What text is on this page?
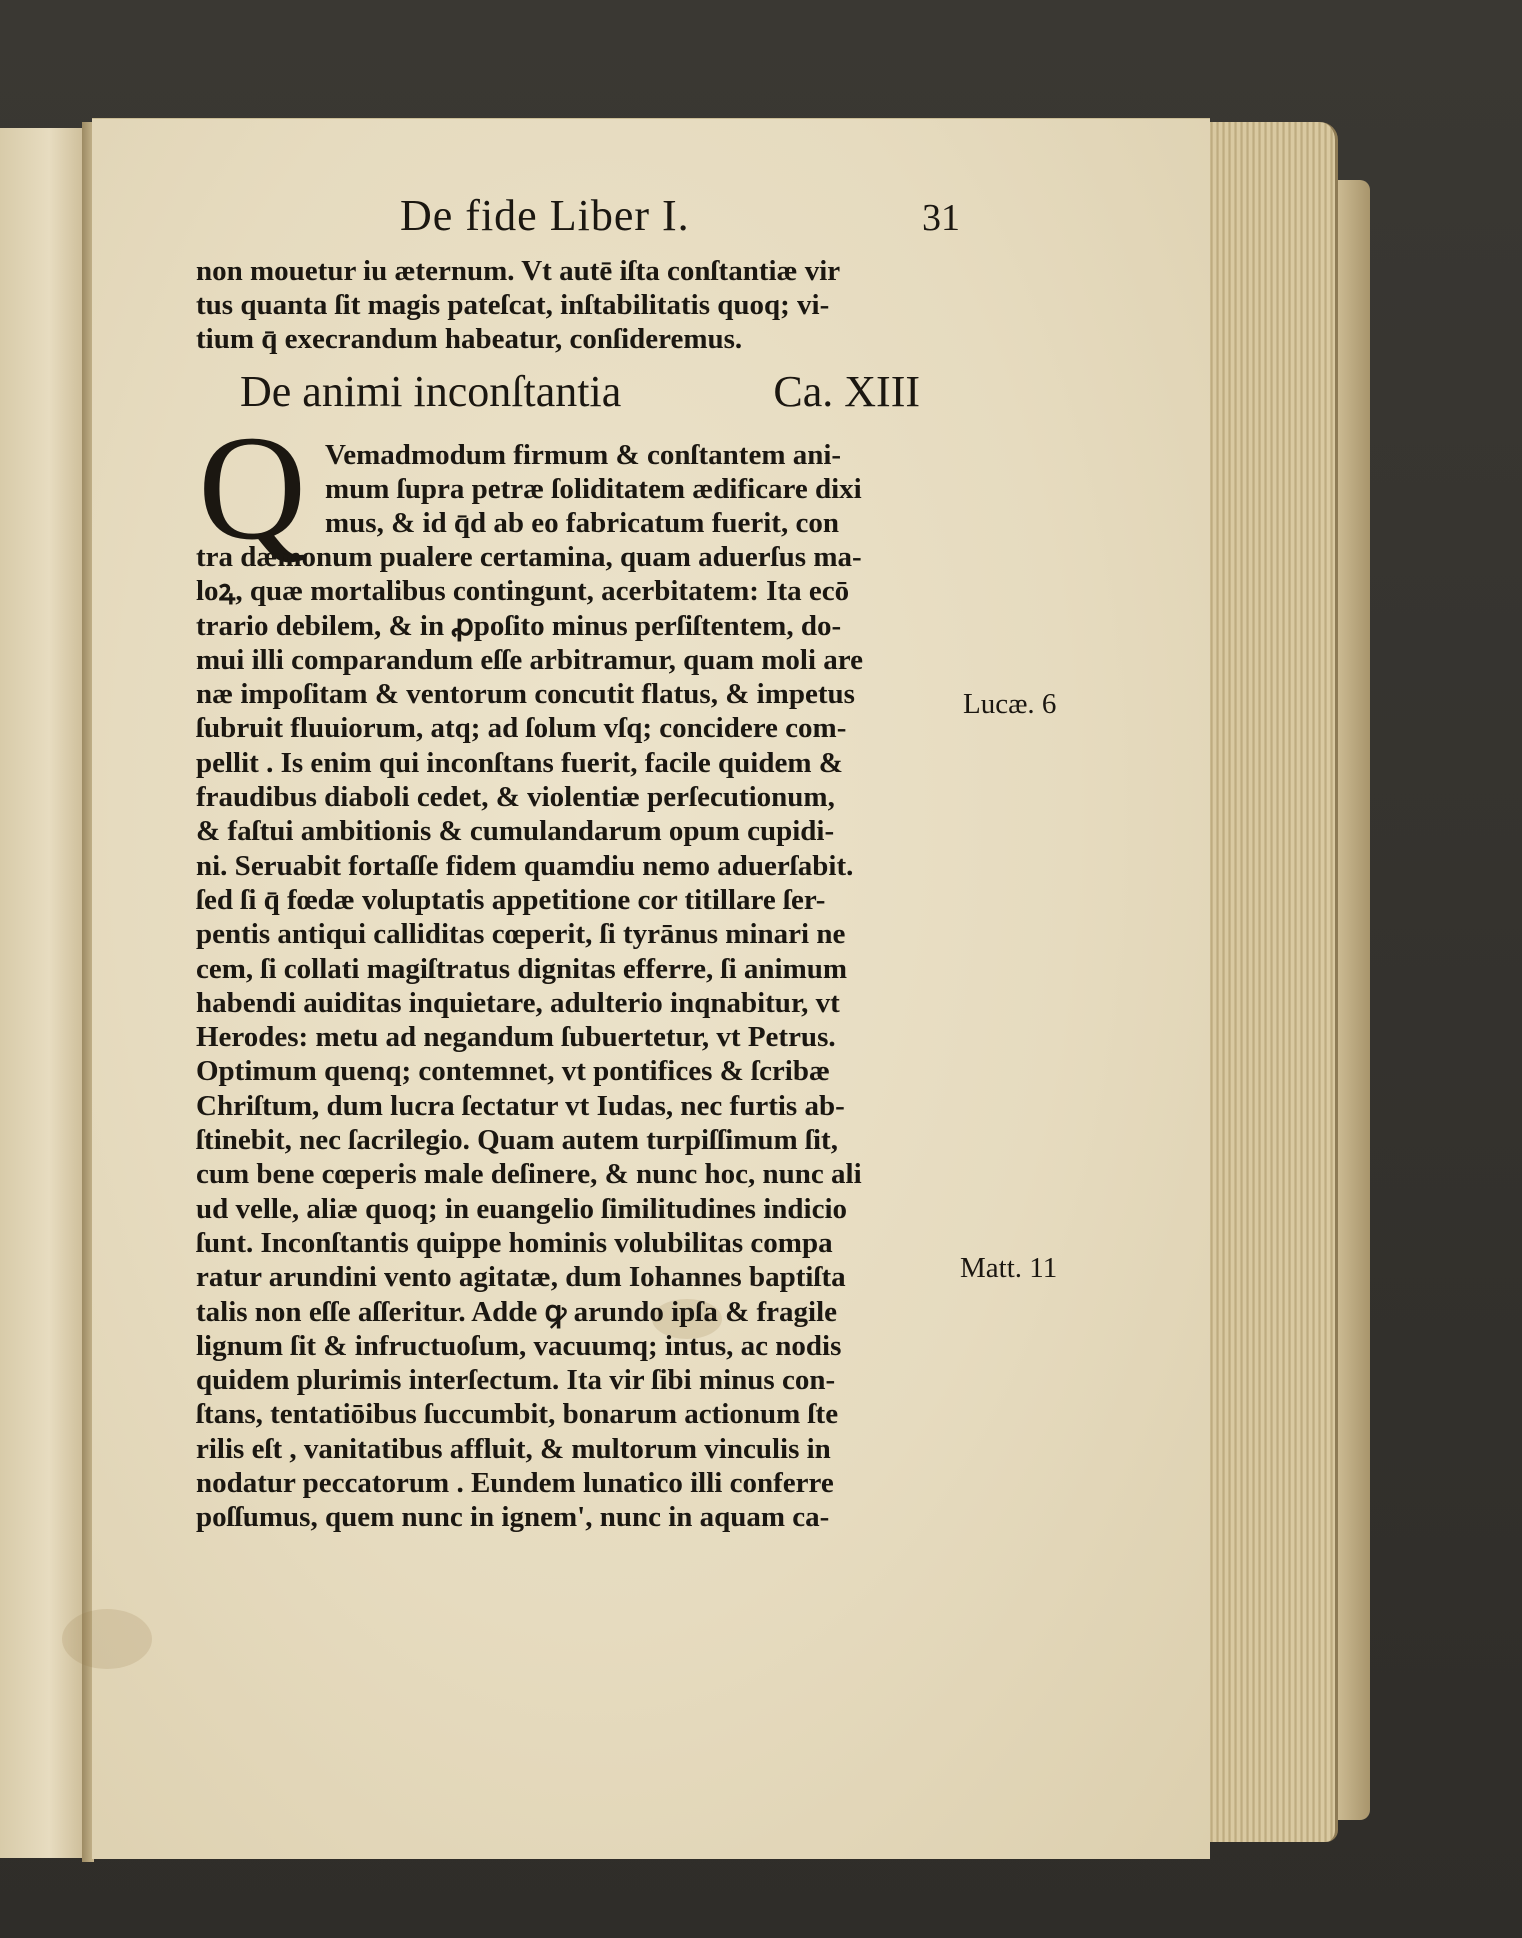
De fide Liber I.	31
non mouetur iu æternum. Vt autē iſta conſtantiæ vir
tus quanta ſit magis pateſcat, inſtabilitatis quoq; vi-
tium q̄ execrandum habeatur, conſideremus.
De animi inconſtantia	Ca. XIII
Q Vemadmodum firmum & conſtantem ani-
mum ſupra petræ ſoliditatem ædificare dixi
mus, & id q̄d ab eo fabricatum fuerit, con
tra dæmonum pualere certamina, quam aduerſus ma-
loꝝ, quæ mortalibus contingunt, acerbitatem: Ita ecō
trario debilem, & in ꝓpoſito minus perſiſtentem, do-
mui illi comparandum eſſe arbitramur, quam moli are
næ impoſitam & ventorum concutit flatus, & impetus
ſubruit fluuiorum, atq; ad ſolum vſq; concidere com-
pellit . Is enim qui inconſtans fuerit, facile quidem &
fraudibus diaboli cedet, & violentiæ perſecutionum,
& faſtui ambitionis & cumulandarum opum cupidi-
ni. Seruabit fortaſſe fidem quamdiu nemo aduerſabit.
ſed ſi q̄ fœdæ voluptatis appetitione cor titillare ſer-
pentis antiqui calliditas cœperit, ſi tyrānus minari ne
cem, ſi collati magiſtratus dignitas efferre, ſi animum
habendi auiditas inquietare, adulterio inqnabitur, vt
Herodes: metu ad negandum ſubuertetur, vt Petrus.
Optimum quenq; contemnet, vt pontifices & ſcribæ
Chriſtum, dum lucra ſectatur vt Iudas, nec furtis ab-
ſtinebit, nec ſacrilegio. Quam autem turpiſſimum ſit,
cum bene cœperis male deſinere, & nunc hoc, nunc ali
ud velle, aliæ quoq; in euangelio ſimilitudines indicio
ſunt. Inconſtantis quippe hominis volubilitas compa
ratur arundini vento agitatæ, dum Iohannes baptiſta
talis non eſſe aſſeritur. Adde ꝙ arundo ipſa & fragile
lignum ſit & infructuoſum, vacuumq; intus, ac nodis
quidem plurimis interſectum. Ita vir ſibi minus con-
ſtans, tentatiōibus ſuccumbit, bonarum actionum ſte
rilis eſt , vanitatibus affluit, & multorum vinculis in
nodatur peccatorum . Eundem lunatico illi conferre
poſſumus, quem nunc in ignem', nunc in aquam ca-
Lucæ. 6
Matt. 11
